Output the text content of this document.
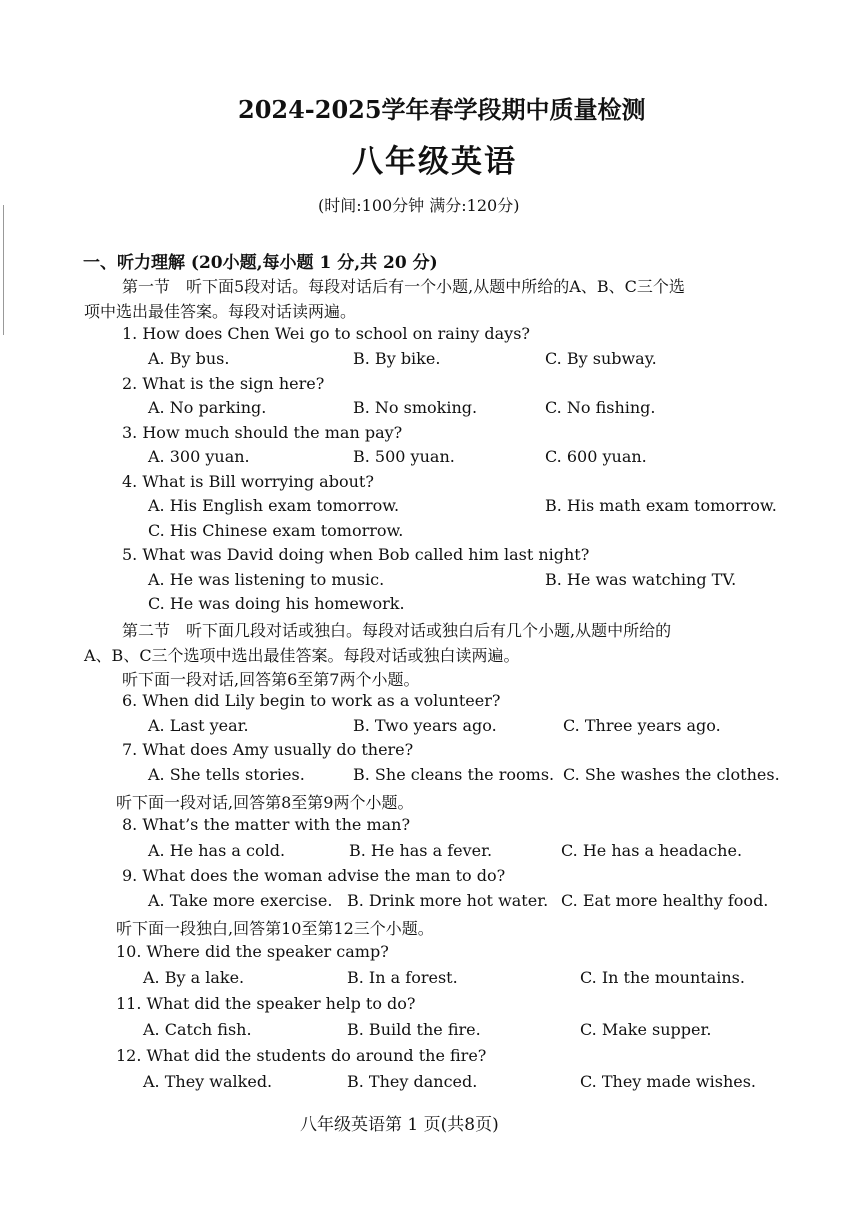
2024-2025学年春学段期中质量检测
八年级英语
(时间:100分钟 满分:120分)
一、听力理解 (20小题,每小题 1 分,共 20 分)
第一节　听下面5段对话。每段对话后有一个小题,从题中所给的A、B、C三个选
项中选出最佳答案。每段对话读两遍。
1. How does Chen Wei go to school on rainy days?
A. By bus.	B. By bike.	C. By subway.
2. What is the sign here?
A. No parking.	B. No smoking.	C. No fishing.
3. How much should the man pay?
A. 300 yuan.	B. 500 yuan.	C. 600 yuan.
4. What is Bill worrying about?
A. His English exam tomorrow.	B. His math exam tomorrow.
C. His Chinese exam tomorrow.
5. What was David doing when Bob called him last night?
A. He was listening to music.	B. He was watching TV.
C. He was doing his homework.
第二节　听下面几段对话或独白。每段对话或独白后有几个小题,从题中所给的
A、B、C三个选项中选出最佳答案。每段对话或独白读两遍。
听下面一段对话,回答第6至第7两个小题。
6. When did Lily begin to work as a volunteer?
A. Last year.	B. Two years ago.	C. Three years ago.
7. What does Amy usually do there?
A. She tells stories.	B. She cleans the rooms. C. She washes the clothes.
听下面一段对话,回答第8至第9两个小题。
8. What’s the matter with the man?
A. He has a cold.	B. He has a fever.	C. He has a headache.
9. What does the woman advise the man to do?
A. Take more exercise. B. Drink more hot water. C. Eat more healthy food.
听下面一段独白,回答第10至第12三个小题。
10. Where did the speaker camp?
A. By a lake.	B. In a forest.	C. In the mountains.
11. What did the speaker help to do?
A. Catch fish.	B. Build the fire.	C. Make supper.
12. What did the students do around the fire?
A. They walked.	B. They danced.	C. They made wishes.
八年级英语第 1 页(共8页)
